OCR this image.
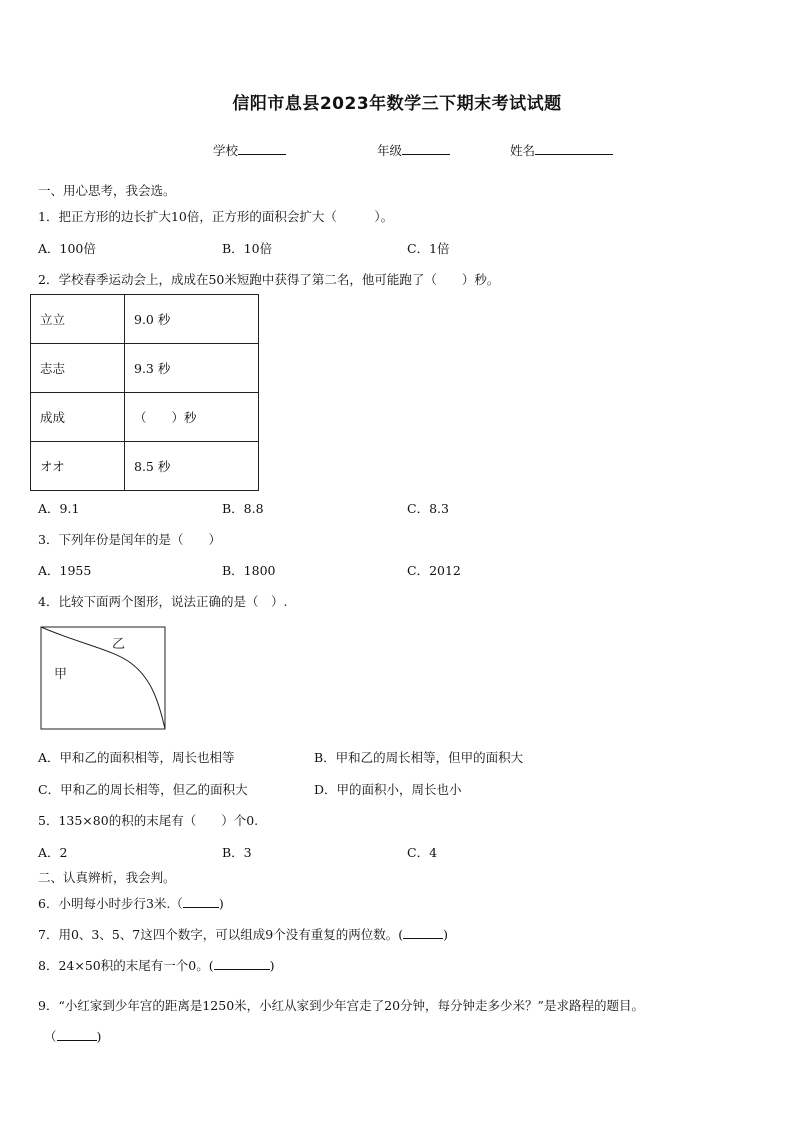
信阳市息县2023年数学三下期末考试试题
学校	年级	姓名
一、用心思考，我会选。
1．把正方形的边长扩大10倍，正方形的面积会扩大（　　　）。
A．100倍	B．10倍	C．1倍
2．学校春季运动会上，成成在50米短跑中获得了第二名，他可能跑了（　　）秒。
立立	9.0 秒
志志	9.3 秒
成成	（　　）秒
オオ	8.5 秒
A．9.1	B．8.8	C．8.3
3．下列年份是闰年的是（　　）
A．1955	B．1800	C．2012
4．比较下面两个图形，说法正确的是（　）.
甲
乙
A．甲和乙的面积相等，周长也相等	B．甲和乙的周长相等，但甲的面积大
C．甲和乙的周长相等，但乙的面积大	D．甲的面积小，周长也小
5．135×80的积的末尾有（　　）个0.
A．2	B．3	C．4
二、认真辨析，我会判。
6．小明每小时步行3米.（	)
7．用0、3、5、7这四个数字，可以组成9个没有重复的两位数。(	)
8．24×50积的末尾有一个0。(	)
9．“小红家到少年宫的距离是1250米，小红从家到少年宫走了20分钟，每分钟走多少米？”是求路程的题目。
（	)
